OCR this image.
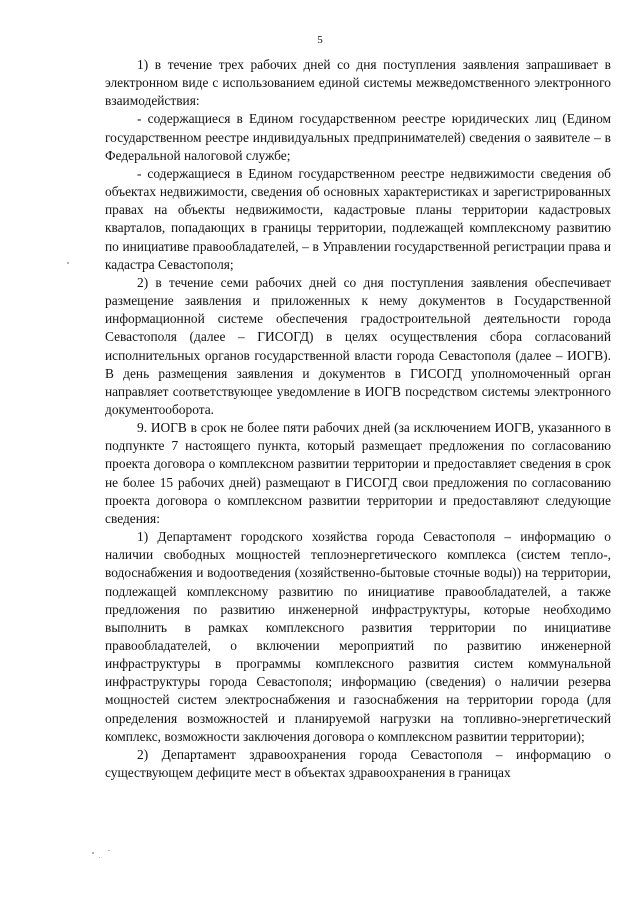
5

1) в течение трех рабочих дней со дня поступления заявления запрашивает в электронном виде с использованием единой системы межведомственного электронного взаимодействия:

- содержащиеся в Едином государственном реестре юридических лиц (Едином государственном реестре индивидуальных предпринимателей) сведения о заявителе – в Федеральной налоговой службе;

- содержащиеся в Едином государственном реестре недвижимости сведения об объектах недвижимости, сведения об основных характеристиках и зарегистрированных правах на объекты недвижимости, кадастровые планы территории кадастровых кварталов, попадающих в границы территории, подлежащей комплексному развитию по инициативе правообладателей, – в Управлении государственной регистрации права и кадастра Севастополя;

2) в течение семи рабочих дней со дня поступления заявления обеспечивает размещение заявления и приложенных к нему документов в Государственной информационной системе обеспечения градостроительной деятельности города Севастополя (далее – ГИСОГД) в целях осуществления сбора согласований исполнительных органов государственной власти города Севастополя (далее – ИОГВ). В день размещения заявления и документов в ГИСОГД уполномоченный орган направляет соответствующее уведомление в ИОГВ посредством системы электронного документооборота.

9. ИОГВ в срок не более пяти рабочих дней (за исключением ИОГВ, указанного в подпункте 7 настоящего пункта, который размещает предложения по согласованию проекта договора о комплексном развитии территории и предоставляет сведения в срок не более 15 рабочих дней) размещают в ГИСОГД свои предложения по согласованию проекта договора о комплексном развитии территории и предоставляют следующие сведения:

1) Департамент городского хозяйства города Севастополя – информацию о наличии свободных мощностей теплоэнергетического комплекса (систем тепло-, водоснабжения и водоотведения (хозяйственно-бытовые сточные воды)) на территории, подлежащей комплексному развитию по инициативе правообладателей, а также предложения по развитию инженерной инфраструктуры, которые необходимо выполнить в рамках комплексного развития территории по инициативе правообладателей, о включении мероприятий по развитию инженерной инфраструктуры в программы комплексного развития систем коммунальной инфраструктуры города Севастополя; информацию (сведения) о наличии резерва мощностей систем электроснабжения и газоснабжения на территории города (для определения возможностей и планируемой нагрузки на топливно-энергетический комплекс, возможности заключения договора о комплексном развитии территории);

2) Департамент здравоохранения города Севастополя – информацию о существующем дефиците мест в объектах здравоохранения в границах
